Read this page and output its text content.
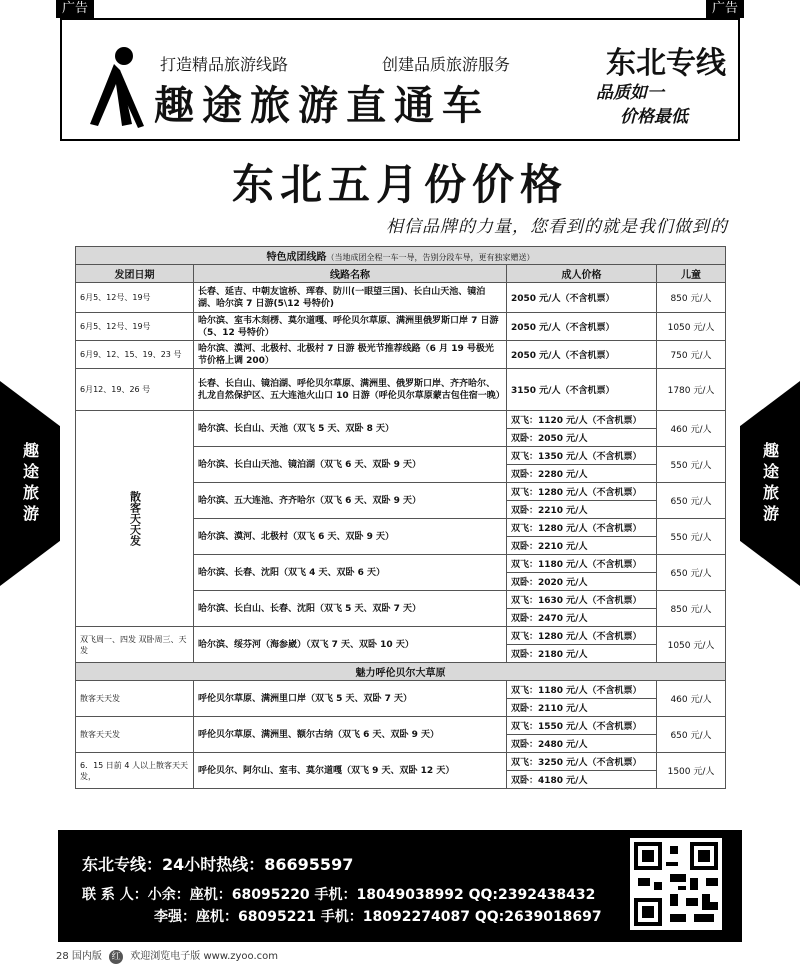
广告	广告
打造精品旅游线路	创建品质旅游服务
趣途旅游直通车
东北专线
品质如一
价格最低
东北五月份价格
相信品牌的力量，您看到的就是我们做到的
趣
途
旅
游
趣
途
旅
游
特色成团线路（当地成团全程一车一导，告别分段车导，更有独家赠送）			
发团日期	线路名称	成人价格	儿童
6月5、12号、19号	长春、延吉、中朝友谊桥、珲春、防川(一眼望三国)、长白山天池、镜泊湖、哈尔滨 7 日游(5\12 号特价)	2050 元/人（不含机票）	850 元/人
6月5、12号、19号	哈尔滨、室韦木刻楞、莫尔道嘎、呼伦贝尔草原、满洲里俄罗斯口岸 7 日游（5、12 号特价）	2050 元/人（不含机票）	1050 元/人
6月9、12、15、19、23 号	哈尔滨、漠河、北极村、北极村 7 日游 极光节推荐线路（6 月 19 号极光节价格上调 200）	2050 元/人（不含机票）	750 元/人
6月12、19、26 号	长春、长白山、镜泊湖、呼伦贝尔草原、满洲里、俄罗斯口岸、齐齐哈尔、扎龙自然保护区、五大连池火山口 10 日游（呼伦贝尔草原蒙古包住宿一晚）	3150 元/人（不含机票）	1780 元/人
散客天天发	哈尔滨、长白山、天池（双飞 5 天、双卧 8 天）	双飞：1120 元/人（不含机票）	460 元/人
		双卧：2050 元/人	
	哈尔滨、长白山天池、镜泊湖（双飞 6 天、双卧 9 天）	双飞：1350 元/人（不含机票）	550 元/人
		双卧：2280 元/人	
	哈尔滨、五大连池、齐齐哈尔（双飞 6 天、双卧 9 天）	双飞：1280 元/人（不含机票）	650 元/人
		双卧：2210 元/人	
	哈尔滨、漠河、北极村（双飞 6 天、双卧 9 天）	双飞：1280 元/人（不含机票）	550 元/人
		双卧：2210 元/人	
	哈尔滨、长春、沈阳（双飞 4 天、双卧 6 天）	双飞：1180 元/人（不含机票）	650 元/人
		双卧：2020 元/人	
	哈尔滨、长白山、长春、沈阳（双飞 5 天、双卧 7 天）	双飞：1630 元/人（不含机票）	850 元/人
		双卧：2470 元/人	
双飞周一、四发 双卧周三、天发	哈尔滨、绥芬河（海参崴）（双飞 7 天、双卧 10 天）	双飞：1280 元/人（不含机票）	1050 元/人
		双卧：2180 元/人	
魅力呼伦贝尔大草原			
散客天天发	呼伦贝尔草原、满洲里口岸（双飞 5 天、双卧 7 天）	双飞：1180 元/人（不含机票）	460 元/人
		双卧：2110 元/人	
散客天天发	呼伦贝尔草原、满洲里、额尔古纳（双飞 6 天、双卧 9 天）	双飞：1550 元/人（不含机票）	650 元/人
		双卧：2480 元/人	
6．15 日前 4 人以上散客天天发，	呼伦贝尔、阿尔山、室韦、莫尔道嘎（双飞 9 天、双卧 12 天）	双飞：3250 元/人（不含机票）	1500 元/人
		双卧：4180 元/人	
东北专线：24小时热线：86695597
联 系 人：小余：座机：68095220 手机：18049038992 QQ:2392438432
李强：座机：68095221 手机：18092274087 QQ:2639018697
28 国内版 红 欢迎浏览电子版 www.zyoo.com
